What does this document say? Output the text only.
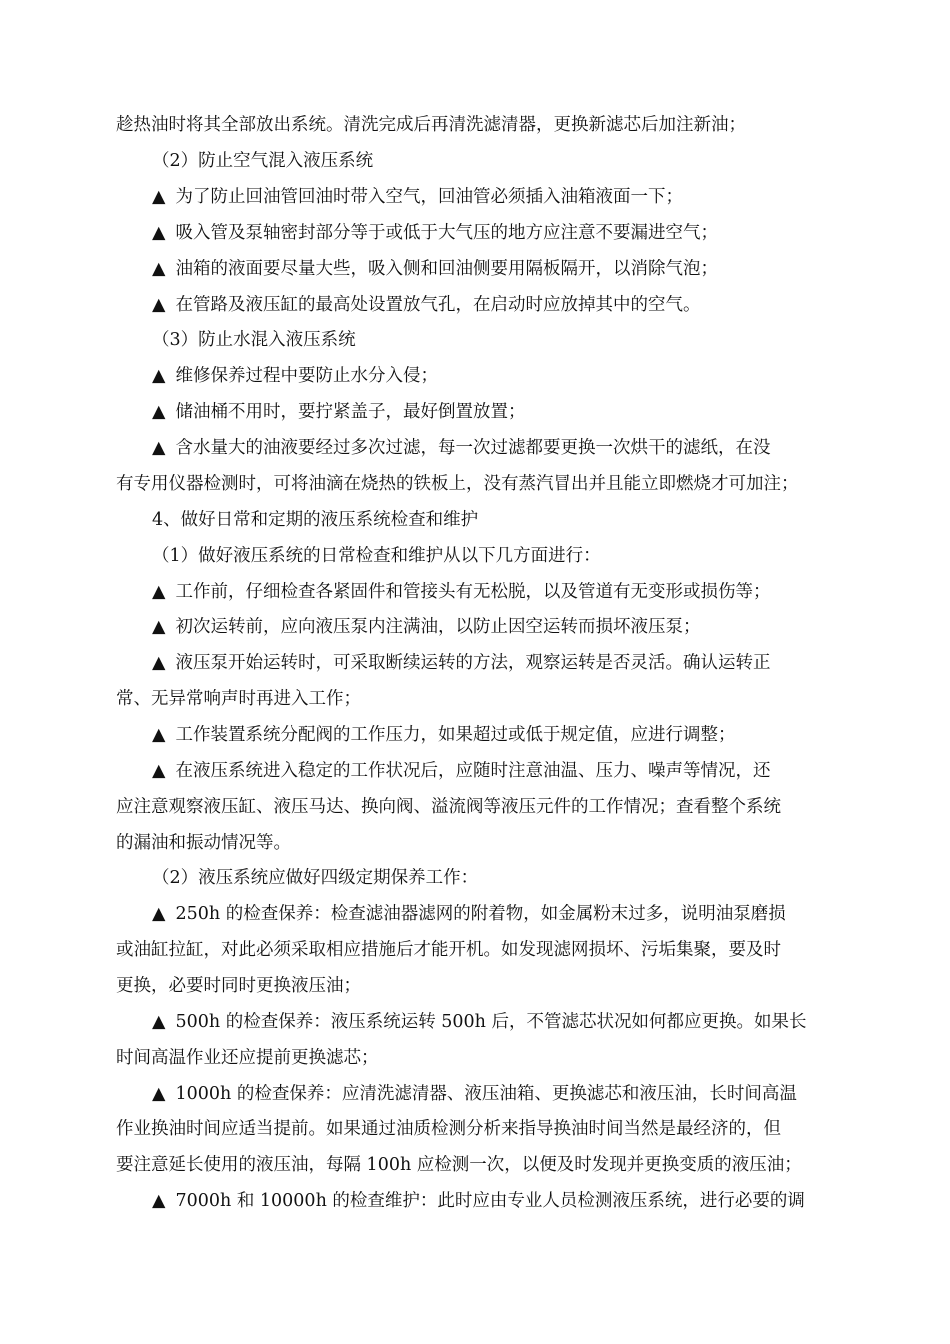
趁热油时将其全部放出系统。清洗完成后再清洗滤清器，更换新滤芯后加注新油；
（2）防止空气混入液压系统
▲ 为了防止回油管回油时带入空气，回油管必须插入油箱液面一下；
▲ 吸入管及泵轴密封部分等于或低于大气压的地方应注意不要漏进空气；
▲ 油箱的液面要尽量大些，吸入侧和回油侧要用隔板隔开，以消除气泡；
▲ 在管路及液压缸的最高处设置放气孔，在启动时应放掉其中的空气。
（3）防止水混入液压系统
▲ 维修保养过程中要防止水分入侵；
▲ 储油桶不用时，要拧紧盖子，最好倒置放置；
▲ 含水量大的油液要经过多次过滤，每一次过滤都要更换一次烘干的滤纸，在没
有专用仪器检测时，可将油滴在烧热的铁板上，没有蒸汽冒出并且能立即燃烧才可加注；
4、做好日常和定期的液压系统检查和维护
（1）做好液压系统的日常检查和维护从以下几方面进行：
▲ 工作前，仔细检查各紧固件和管接头有无松脱，以及管道有无变形或损伤等；
▲ 初次运转前，应向液压泵内注满油，以防止因空运转而损坏液压泵；
▲ 液压泵开始运转时，可采取断续运转的方法，观察运转是否灵活。确认运转正
常、无异常响声时再进入工作；
▲ 工作装置系统分配阀的工作压力，如果超过或低于规定值，应进行调整；
▲ 在液压系统进入稳定的工作状况后，应随时注意油温、压力、噪声等情况，还
应注意观察液压缸、液压马达、换向阀、溢流阀等液压元件的工作情况；查看整个系统
的漏油和振动情况等。
（2）液压系统应做好四级定期保养工作：
▲ 250h 的检查保养：检查滤油器滤网的附着物，如金属粉末过多，说明油泵磨损
或油缸拉缸，对此必须采取相应措施后才能开机。如发现滤网损坏、污垢集聚，要及时
更换，必要时同时更换液压油；
▲ 500h 的检查保养：液压系统运转 500h 后，不管滤芯状况如何都应更换。如果长
时间高温作业还应提前更换滤芯；
▲ 1000h 的检查保养：应清洗滤清器、液压油箱、更换滤芯和液压油，长时间高温
作业换油时间应适当提前。如果通过油质检测分析来指导换油时间当然是最经济的，但
要注意延长使用的液压油，每隔 100h 应检测一次，以便及时发现并更换变质的液压油；
▲ 7000h 和 10000h 的检查维护：此时应由专业人员检测液压系统，进行必要的调
